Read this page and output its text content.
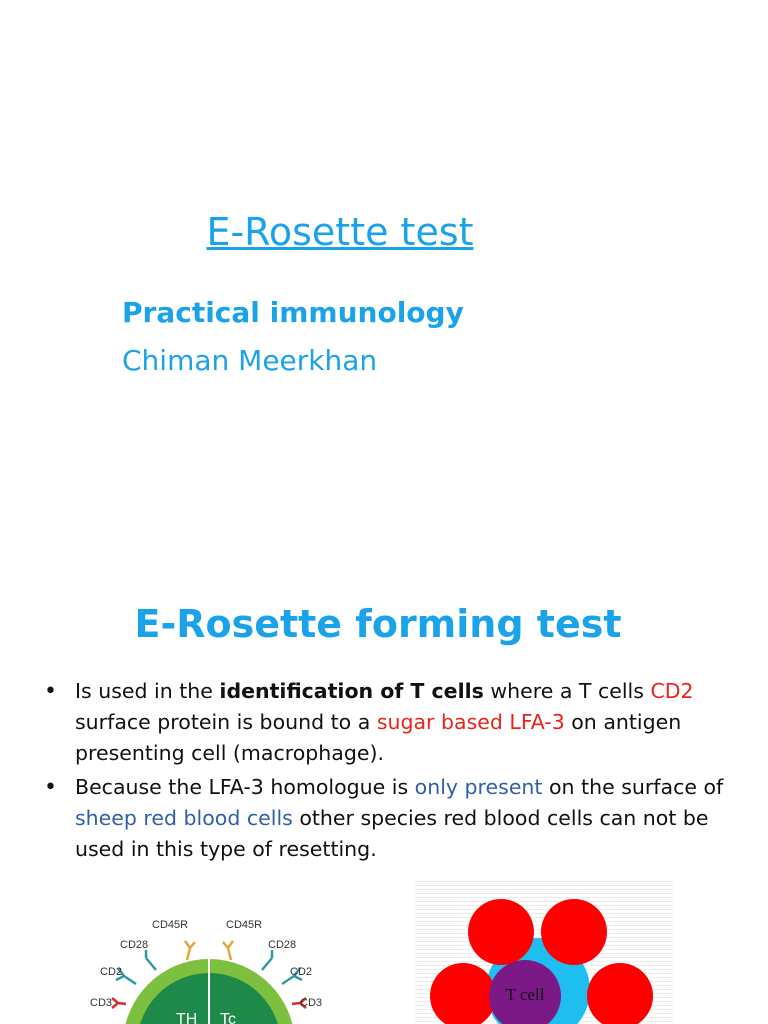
E-Rosette test
Practical immunology
Chiman Meerkhan
E-Rosette forming test
• Is used in the identification of T cells where a T cells CD2 surface protein is bound to a sugar based LFA-3 on antigen presenting cell (macrophage).
• Because the LFA-3 homologue is only present on the surface of sheep red blood cells other species red blood cells can not be used in this type of resetting.
CD45R
CD28
CD2
CD3
CD45R
CD28
CD2
CD3
TH Tc
T cell
